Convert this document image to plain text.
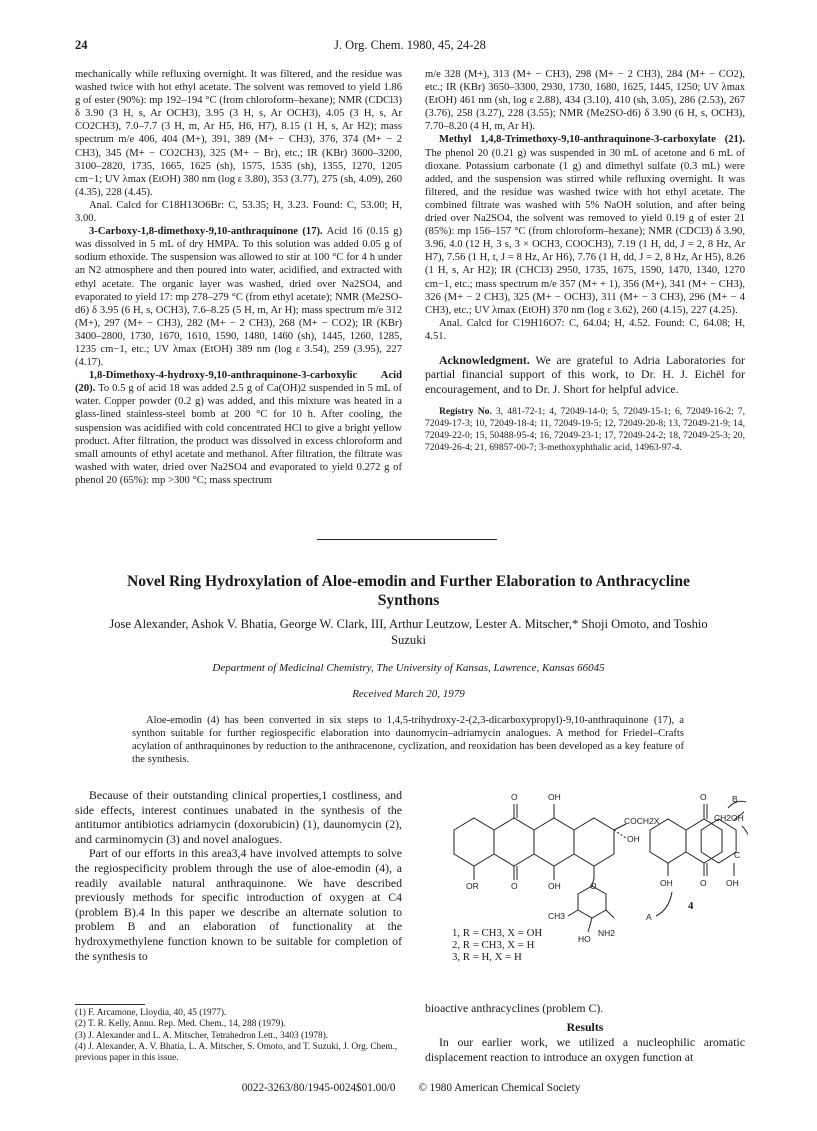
24	J. Org. Chem. 1980, 45, 24-28

mechanically while refluxing overnight. It was filtered, and the residue was washed twice with hot ethyl acetate. The solvent was removed to yield 1.86 g of ester (90%): mp 192–194 °C (from chloroform–hexane); NMR (CDCl3) δ 3.90 (3 H, s, Ar OCH3), 3.95 (3 H, s, Ar OCH3), 4.05 (3 H, s, Ar CO2CH3), 7.0–7.7 (3 H, m, Ar H5, H6, H7), 8.15 (1 H, s, Ar H2); mass spectrum m/e 406, 404 (M+), 391, 389 (M+ − CH3), 376, 374 (M+ − 2 CH3), 345 (M+ − CO2CH3), 325 (M+ − Br), etc.; IR (KBr) 3600–3200, 3100–2820, 1735, 1665, 1625 (sh), 1575, 1535 (sh), 1355, 1270, 1205 cm−1; UV λmax (EtOH) 380 nm (log ε 3.80), 353 (3.77), 275 (sh, 4.09), 260 (4.35), 228 (4.45).

Anal. Calcd for C18H13O6Br: C, 53.35; H, 3.23. Found: C, 53.00; H, 3.00.

3-Carboxy-1,8-dimethoxy-9,10-anthraquinone (17). Acid 16 (0.15 g) was dissolved in 5 mL of dry HMPA. To this solution was added 0.05 g of sodium ethoxide. The suspension was allowed to stir at 100 °C for 4 h under an N2 atmosphere and then poured into water, acidified, and extracted with ethyl acetate. The organic layer was washed, dried over Na2SO4, and evaporated to yield 17: mp 278–279 °C (from ethyl acetate); NMR (Me2SO-d6) δ 3.95 (6 H, s, OCH3), 7.6–8.25 (5 H, m, Ar H); mass spectrum m/e 312 (M+), 297 (M+ − CH3), 282 (M+ − 2 CH3), 268 (M+ − CO2); IR (KBr) 3400–2800, 1730, 1670, 1610, 1590, 1480, 1460 (sh), 1445, 1260, 1285, 1235 cm−1, etc.; UV λmax (EtOH) 389 nm (log ε 3.54), 259 (3.95), 227 (4.17).

1,8-Dimethoxy-4-hydroxy-9,10-anthraquinone-3-carboxylic Acid (20). To 0.5 g of acid 18 was added 2.5 g of Ca(OH)2 suspended in 5 mL of water. Copper powder (0.2 g) was added, and this mixture was heated in a glass-lined stainless-steel bomb at 200 °C for 10 h. After cooling, the suspension was acidified with cold concentrated HCl to give a bright yellow product. After filtration, the product was dissolved in excess chloroform and small amounts of ethyl acetate and methanol. After filtration, the filtrate was washed with water, dried over Na2SO4 and evaporated to yield 0.272 g of phenol 20 (65%): mp >300 °C; mass spectrum

m/e 328 (M+), 313 (M+ − CH3), 298 (M+ − 2 CH3), 284 (M+ − CO2), etc.; IR (KBr) 3650–3300, 2930, 1730, 1680, 1625, 1445, 1250; UV λmax (EtOH) 461 nm (sh, log ε 2.88), 434 (3.10), 410 (sh, 3.05), 286 (2.53), 267 (3.76), 258 (3.27), 228 (3.55); NMR (Me2SO-d6) δ 3.90 (6 H, s, OCH3), 7.70–8.20 (4 H, m, Ar H).

Methyl 1,4,8-Trimethoxy-9,10-anthraquinone-3-carboxylate (21). The phenol 20 (0.21 g) was suspended in 30 mL of acetone and 6 mL of dioxane. Potassium carbonate (1 g) and dimethyl sulfate (0.3 mL) were added, and the suspension was stirred while refluxing overnight. It was filtered, and the residue was washed twice with hot ethyl acetate. The combined filtrate was washed with 5% NaOH solution, and after being dried over Na2SO4, the solvent was removed to yield 0.19 g of ester 21 (85%): mp 156–157 °C (from chloroform–hexane); NMR (CDCl3) δ 3.90, 3.96, 4.0 (12 H, 3 s, 3 × OCH3, COOCH3), 7.19 (1 H, dd, J = 2, 8 Hz, Ar H7), 7.56 (1 H, t, J = 8 Hz, Ar H6), 7.76 (1 H, dd, J = 2, 8 Hz, Ar H5), 8.26 (1 H, s, Ar H2); IR (CHCl3) 2950, 1735, 1675, 1590, 1470, 1340, 1270 cm−1, etc.; mass spectrum m/e 357 (M+ + 1), 356 (M+), 341 (M+ − CH3), 326 (M+ − 2 CH3), 325 (M+ − OCH3), 311 (M+ − 3 CH3), 296 (M+ − 4 CH3), etc.; UV λmax (EtOH) 370 nm (log ε 3.62), 260 (4.15), 227 (4.25).

Anal. Calcd for C19H16O7: C, 64.04; H, 4.52. Found: C, 64.08; H, 4.51.

Acknowledgment. We are grateful to Adria Laboratories for partial financial support of this work, to Dr. H. J. Eichël for encouragement, and to Dr. J. Short for helpful advice.

Registry No. 3, 481-72-1; 4, 72049-14-0; 5, 72049-15-1; 6, 72049-16-2; 7, 72049-17-3; 10, 72049-18-4; 11, 72049-19-5; 12, 72049-20-8; 13, 72049-21-9; 14, 72049-22-0; 15, 50488-95-4; 16, 72049-23-1; 17, 72049-24-2; 18, 72049-25-3; 20, 72049-26-4; 21, 69857-00-7; 3-methoxyphthalic acid, 14963-97-4.

Novel Ring Hydroxylation of Aloe-emodin and Further Elaboration to Anthracycline Synthons
Jose Alexander, Ashok V. Bhatia, George W. Clark, III, Arthur Leutzow, Lester A. Mitscher,* Shoji Omoto, and Toshio Suzuki
Department of Medicinal Chemistry, The University of Kansas, Lawrence, Kansas 66045
Received March 20, 1979
Aloe-emodin (4) has been converted in six steps to 1,4,5-trihydroxy-2-(2,3-dicarboxypropyl)-9,10-anthraquinone (17), a synthon suitable for further regiospecific elaboration into daunomycin–adriamycin analogues. A method for Friedel–Crafts acylation of anthraquinones by reduction to the anthracenone, cyclization, and reoxidation has been developed as a key feature of the synthesis.

Because of their outstanding clinical properties,1 costliness, and side effects, interest continues unabated in the synthesis of the antitumor antibiotics adriamycin (doxorubicin) (1), daunomycin (2), and carminomycin (3) and novel analogues.

Part of our efforts in this area3,4 have involved attempts to solve the regiospecificity problem through the use of aloe-emodin (4), a readily available natural anthraquinone. We have described previously methods for specific introduction of oxygen at C4 (problem B).4 In this paper we describe an alternate solution to problem B and an elaboration of functionality at the hydroxymethylene function known to be suitable for completion of the synthesis to

(1) F. Arcamone, Lloydia, 40, 45 (1977).
(2) T. R. Kelly, Annu. Rep. Med. Chem., 14, 288 (1979).
(3) J. Alexander and L. A. Mitscher, Tetrahedron Lett., 3403 (1978).
(4) J. Alexander, A. V. Bhatia, L. A. Mitscher, S. Omoto, and T. Suzuki, J. Org. Chem., previous paper in this issue.
O	OH
COCH2X
OH
OR	O	OH	O
CH3
HO
NH2
O
OH	O OH
B
CH2OH
C
A
1, R = CH3, X = OH
2, R = CH3, X = H
3, R = H, X = H
4

bioactive anthracyclines (problem C).

Results

In our earlier work, we utilized a nucleophilic aromatic displacement reaction to introduce an oxygen function at

0022-3263/80/1945-0024$01.00/0 © 1980 American Chemical Society
